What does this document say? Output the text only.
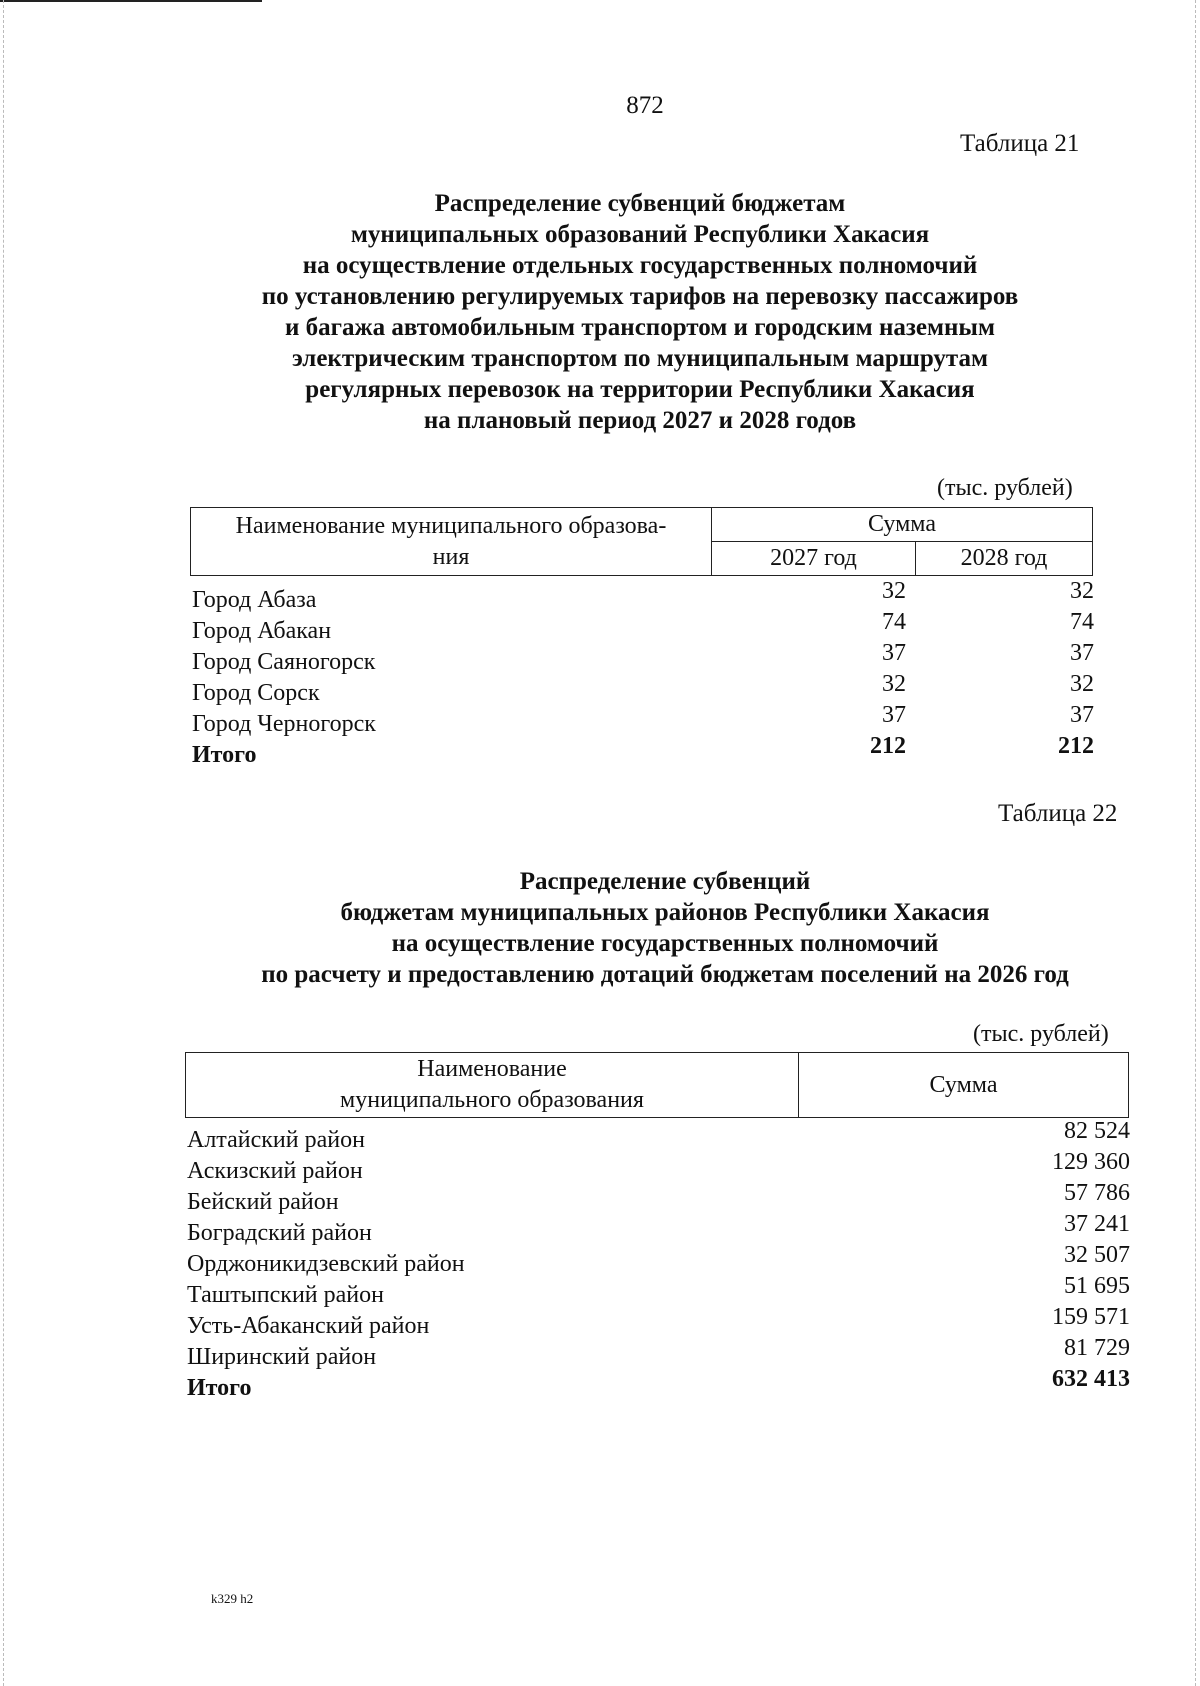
872
Таблица 21
Распределение субвенций бюджетам
муниципальных образований Республики Хакасия
на осуществление отдельных государственных полномочий
по установлению регулируемых тарифов на перевозку пассажиров
и багажа автомобильным транспортом и городским наземным
электрическим транспортом по муниципальным маршрутам
регулярных перевозок на территории Республики Хакасия
на плановый период 2027 и 2028 годов
(тыс. рублей)
Наименование муниципального образова-
ния	Сумма	
	2027 год	2028 год
Город Абаза	32	32
Город Абакан	74	74
Город Саяногорск	37	37
Город Сорск	32	32
Город Черногорск	37	37
Итого	212	212
Таблица 22
Распределение субвенций
бюджетам муниципальных районов Республики Хакасия
на осуществление государственных полномочий
по расчету и предоставлению дотаций бюджетам поселений на 2026 год
(тыс. рублей)
Наименование
муниципального образования
	Сумма
Алтайский район	82 524
Аскизский район	129 360
Бейский район	57 786
Боградский район	37 241
Орджоникидзевский район	32 507
Таштыпский район	51 695
Усть-Абаканский район	159 571
Ширинский район	81 729
Итого	632 413
k329 h2
